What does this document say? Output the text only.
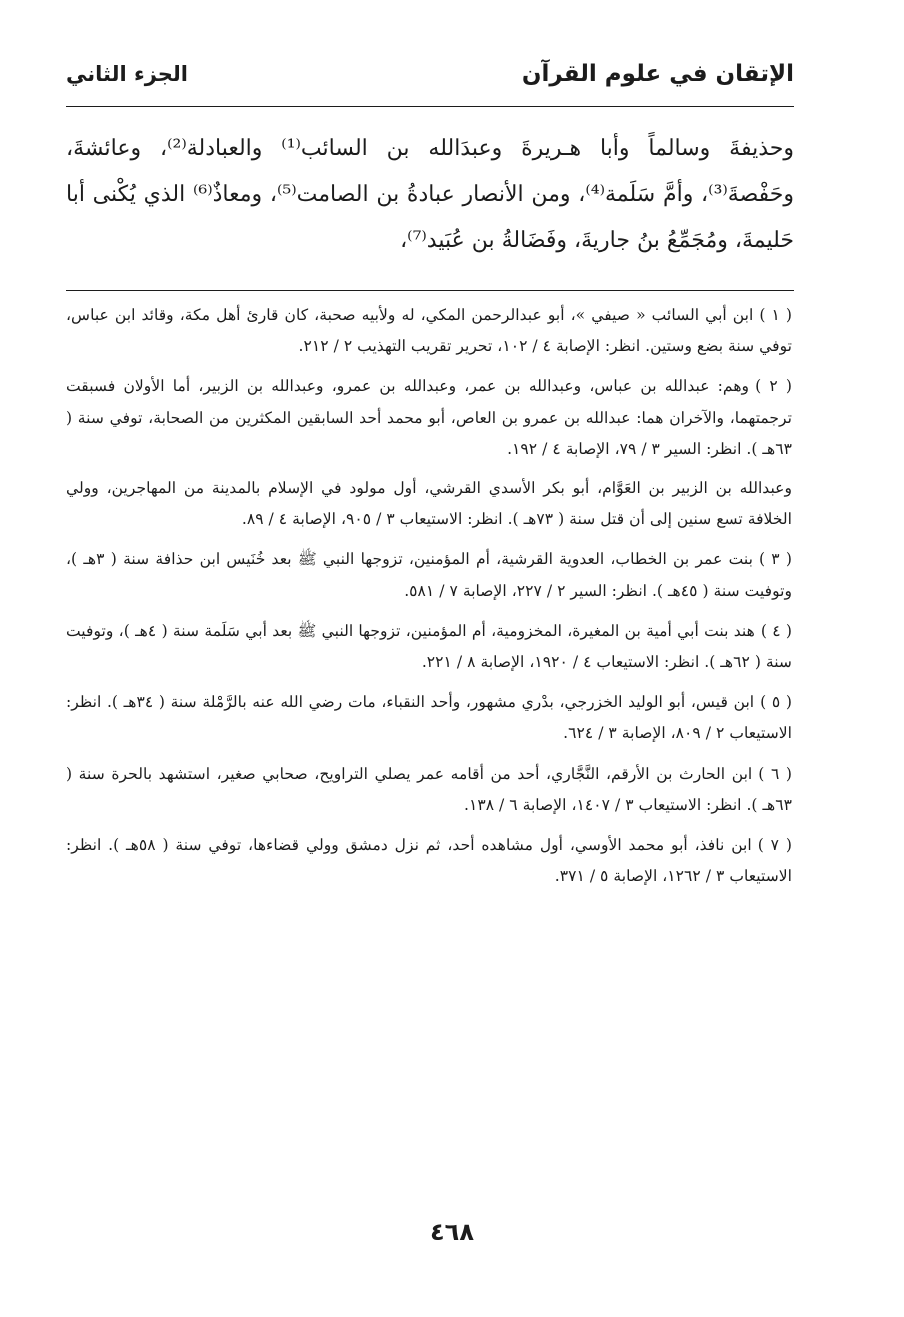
الإتقان في علوم القرآن
الجزء الثاني

وحذيفةَ وسالماً وأبا هـريرةَ وعبدَالله بن السائب⁽¹⁾ والعبادلة⁽²⁾، وعائشةَ، وحَفْصةَ⁽³⁾، وأمَّ سَلَمة⁽⁴⁾، ومن الأنصار عبادةُ بن الصامت⁽⁵⁾، ومعاذٌ⁽⁶⁾ الذي يُكْنى أبا حَليمةَ، ومُجَمِّعُ بنُ جاريةَ، وفَضَالةُ بن عُبَيد⁽⁷⁾،

( ١ )ابن أبي السائب « صيفي »، أبو عبدالرحمن المكي، له ولأبيه صحبة، كان قارئ أهل مكة، وقائد ابن عباس، توفي سنة بضع وستين. انظر: الإصابة ٤ / ١٠٢، تحرير تقريب التهذيب ٢ / ٢١٢.
( ٢ )وهم: عبدالله بن عباس، وعبدالله بن عمر، وعبدالله بن عمرو، وعبدالله بن الزبير، أما الأولان فسبقت ترجمتهما، والآخران هما: عبدالله بن عمرو بن العاص، أبو محمد أحد السابقين المكثرين من الصحابة، توفي سنة ( ٦٣هـ ). انظر: السير ٣ / ٧٩، الإصابة ٤ / ١٩٢.
وعبدالله بن الزبير بن العَوَّام، أبو بكر الأسدي القرشي، أول مولود في الإسلام بالمدينة من المهاجرين، وولي الخلافة تسع سنين إلى أن قتل سنة ( ٧٣هـ ). انظر: الاستيعاب ٣ / ٩٠٥، الإصابة ٤ / ٨٩.
( ٣ )بنت عمر بن الخطاب، العدوية القرشية، أم المؤمنين، تزوجها النبي ﷺ بعد خُنَيس ابن حذافة سنة ( ٣هـ )، وتوفيت سنة ( ٤٥هـ ). انظر: السير ٢ / ٢٢٧، الإصابة ٧ / ٥٨١.
( ٤ )هند بنت أبي أمية بن المغيرة، المخزومية، أم المؤمنين، تزوجها النبي ﷺ بعد أبي سَلَمة سنة ( ٤هـ )، وتوفيت سنة ( ٦٢هـ ). انظر: الاستيعاب ٤ / ١٩٢٠، الإصابة ٨ / ٢٢١.
( ٥ )ابن قيس، أبو الوليد الخزرجي، بدْري مشهور، وأحد النقباء، مات رضي الله عنه بالرَّمْلة سنة ( ٣٤هـ ). انظر: الاستيعاب ٢ / ٨٠٩، الإصابة ٣ / ٦٢٤.
( ٦ )ابن الحارث بن الأرقم، النَّجَّاري، أحد من أقامه عمر يصلي التراويح، صحابي صغير، استشهد بالحرة سنة ( ٦٣هـ ). انظر: الاستيعاب ٣ / ١٤٠٧، الإصابة ٦ / ١٣٨.
( ٧ )ابن نافذ، أبو محمد الأوسي، أول مشاهده أحد، ثم نزل دمشق وولي قضاءها، توفي سنة ( ٥٨هـ ). انظر: الاستيعاب ٣ / ١٢٦٢، الإصابة ٥ / ٣٧١.
٤٦٨
